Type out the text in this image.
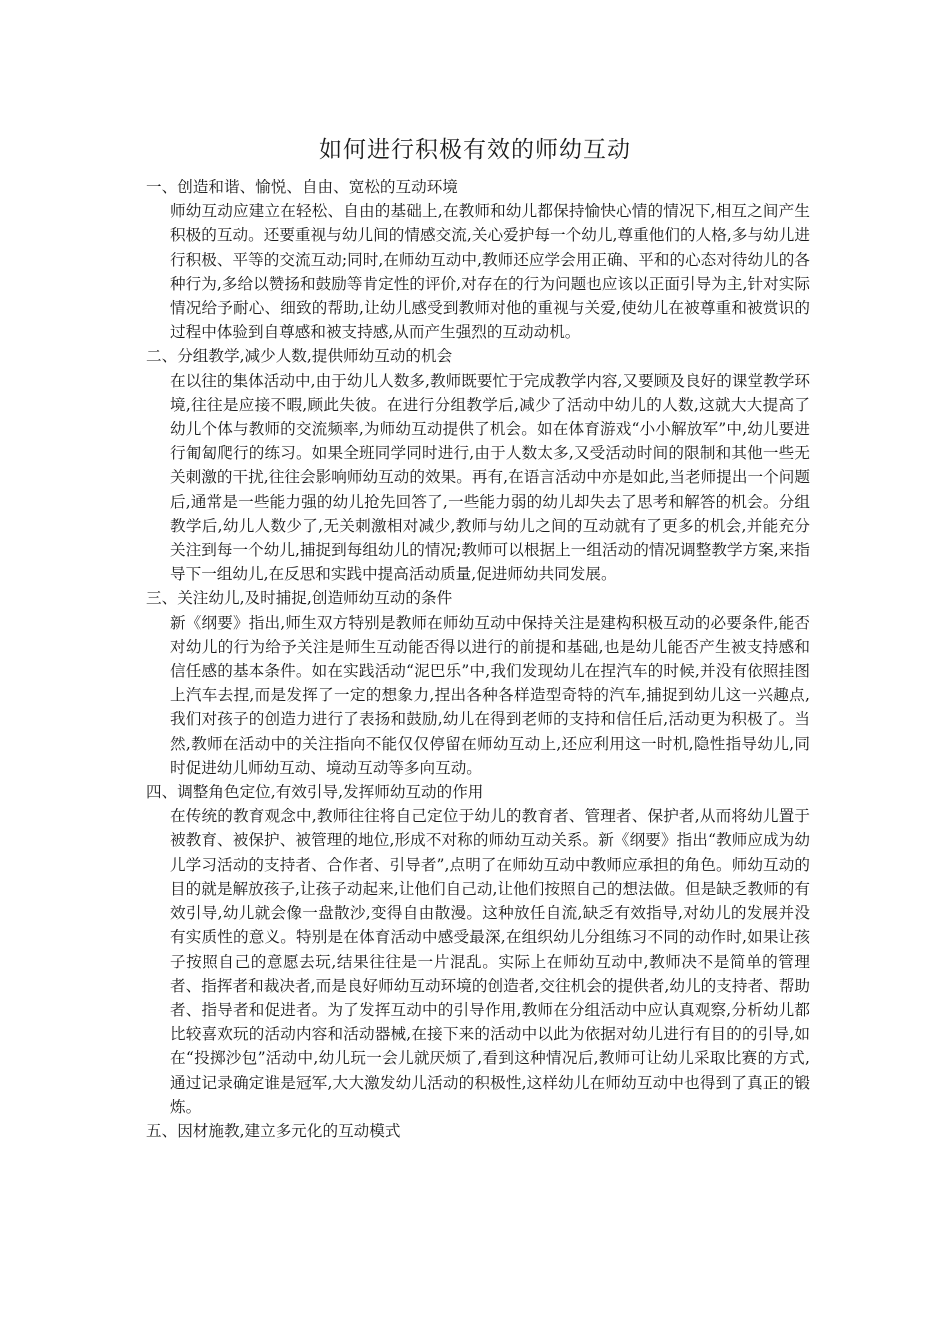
如何进行积极有效的师幼互动
一、创造和谐、愉悦、自由、宽松的互动环境
师幼互动应建立在轻松、自由的基础上,在教师和幼儿都保持愉快心情的情况下,相互之间产生积极的互动。还要重视与幼儿间的情感交流,关心爱护每一个幼儿,尊重他们的人格,多与幼儿进行积极、平等的交流互动;同时,在师幼互动中,教师还应学会用正确、平和的心态对待幼儿的各种行为,多给以赞扬和鼓励等肯定性的评价,对存在的行为问题也应该以正面引导为主,针对实际情况给予耐心、细致的帮助,让幼儿感受到教师对他的重视与关爱,使幼儿在被尊重和被赏识的过程中体验到自尊感和被支持感,从而产生强烈的互动动机。
二、分组教学,减少人数,提供师幼互动的机会
在以往的集体活动中,由于幼儿人数多,教师既要忙于完成教学内容,又要顾及良好的课堂教学环境,往往是应接不暇,顾此失彼。在进行分组教学后,减少了活动中幼儿的人数,这就大大提高了幼儿个体与教师的交流频率,为师幼互动提供了机会。如在体育游戏“小小解放军”中,幼儿要进行匍匐爬行的练习。如果全班同学同时进行,由于人数太多,又受活动时间的限制和其他一些无关刺激的干扰,往往会影响师幼互动的效果。再有,在语言活动中亦是如此,当老师提出一个问题后,通常是一些能力强的幼儿抢先回答了,一些能力弱的幼儿却失去了思考和解答的机会。分组教学后,幼儿人数少了,无关刺激相对减少,教师与幼儿之间的互动就有了更多的机会,并能充分关注到每一个幼儿,捕捉到每组幼儿的情况;教师可以根据上一组活动的情况调整教学方案,来指导下一组幼儿,在反思和实践中提高活动质量,促进师幼共同发展。
三、关注幼儿,及时捕捉,创造师幼互动的条件
新《纲要》指出,师生双方特别是教师在师幼互动中保持关注是建构积极互动的必要条件,能否对幼儿的行为给予关注是师生互动能否得以进行的前提和基础,也是幼儿能否产生被支持感和信任感的基本条件。如在实践活动“泥巴乐”中,我们发现幼儿在捏汽车的时候,并没有依照挂图上汽车去捏,而是发挥了一定的想象力,捏出各种各样造型奇特的汽车,捕捉到幼儿这一兴趣点,我们对孩子的创造力进行了表扬和鼓励,幼儿在得到老师的支持和信任后,活动更为积极了。当然,教师在活动中的关注指向不能仅仅停留在师幼互动上,还应利用这一时机,隐性指导幼儿,同时促进幼儿师幼互动、境动互动等多向互动。
四、调整角色定位,有效引导,发挥师幼互动的作用
在传统的教育观念中,教师往往将自己定位于幼儿的教育者、管理者、保护者,从而将幼儿置于被教育、被保护、被管理的地位,形成不对称的师幼互动关系。新《纲要》指出“教师应成为幼儿学习活动的支持者、合作者、引导者”,点明了在师幼互动中教师应承担的角色。师幼互动的目的就是解放孩子,让孩子动起来,让他们自己动,让他们按照自己的想法做。但是缺乏教师的有效引导,幼儿就会像一盘散沙,变得自由散漫。这种放任自流,缺乏有效指导,对幼儿的发展并没有实质性的意义。特别是在体育活动中感受最深,在组织幼儿分组练习不同的动作时,如果让孩子按照自己的意愿去玩,结果往往是一片混乱。实际上在师幼互动中,教师决不是简单的管理者、指挥者和裁决者,而是良好师幼互动环境的创造者,交往机会的提供者,幼儿的支持者、帮助者、指导者和促进者。为了发挥互动中的引导作用,教师在分组活动中应认真观察,分析幼儿都比较喜欢玩的活动内容和活动器械,在接下来的活动中以此为依据对幼儿进行有目的的引导,如在“投掷沙包”活动中,幼儿玩一会儿就厌烦了,看到这种情况后,教师可让幼儿采取比赛的方式,通过记录确定谁是冠军,大大激发幼儿活动的积极性,这样幼儿在师幼互动中也得到了真正的锻炼。
五、因材施教,建立多元化的互动模式
